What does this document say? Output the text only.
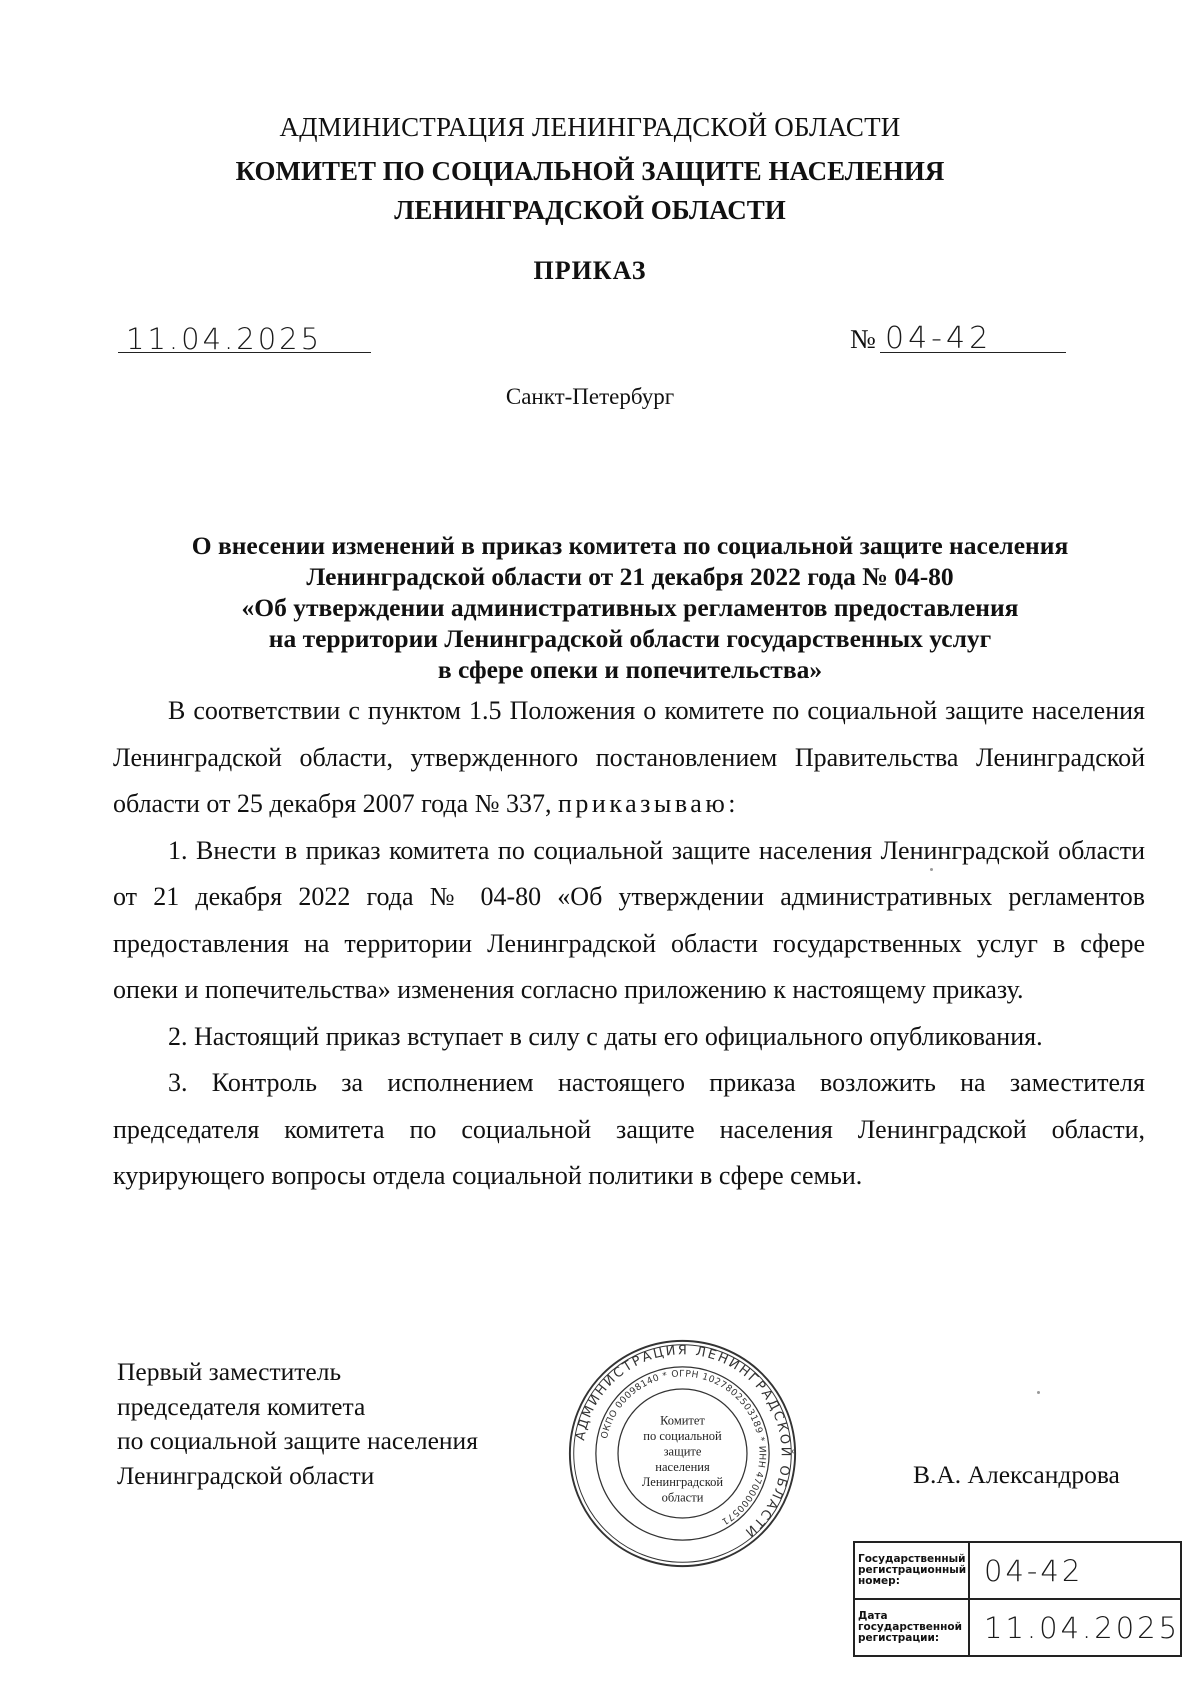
АДМИНИСТРАЦИЯ ЛЕНИНГРАДСКОЙ ОБЛАСТИ
КОМИТЕТ ПО СОЦИАЛЬНОЙ ЗАЩИТЕ НАСЕЛЕНИЯ
ЛЕНИНГРАДСКОЙ ОБЛАСТИ
ПРИКАЗ
11.04.2025	№ 04-42
Санкт-Петербург
О внесении изменений в приказ комитета по социальной защите населения
Ленинградской области от 21 декабря 2022 года № 04-80
«Об утверждении административных регламентов предоставления
на территории Ленинградской области государственных услуг
в сфере опеки и попечительства»

В соответствии с пунктом 1.5 Положения о комитете по социальной защите населения Ленинградской области, утвержденного постановлением Правительства Ленинградской области от 25 декабря 2007 года № 337, приказываю:

1. Внести в приказ комитета по социальной защите населения Ленинградской области от 21 декабря 2022 года № 04-80 «Об утверждении административных регламентов предоставления на территории Ленинградской области государственных услуг в сфере опеки и попечительства» изменения согласно приложению к настоящему приказу.

2. Настоящий приказ вступает в силу с даты его официального опубликования.

3. Контроль за исполнением настоящего приказа возложить на заместителя председателя комитета по социальной защите населения Ленинградской области, курирующего вопросы отдела социальной политики в сфере семьи.

Первый заместитель
председателя комитета
по социальной защите населения
Ленинградской области	В.А. Александрова
АДМИНИСТРАЦИЯ ЛЕНИНГРАДСКОЙ ОБЛАСТИ
ОКПО 00098140 * ОГРН 1027802503189 * ИНН 4700000571
Комитет
по социальной
защите
населения
Ленинградской
области
Государственный регистрационный номер:	04-42
Дата государственной регистрации:	11.04.2025
